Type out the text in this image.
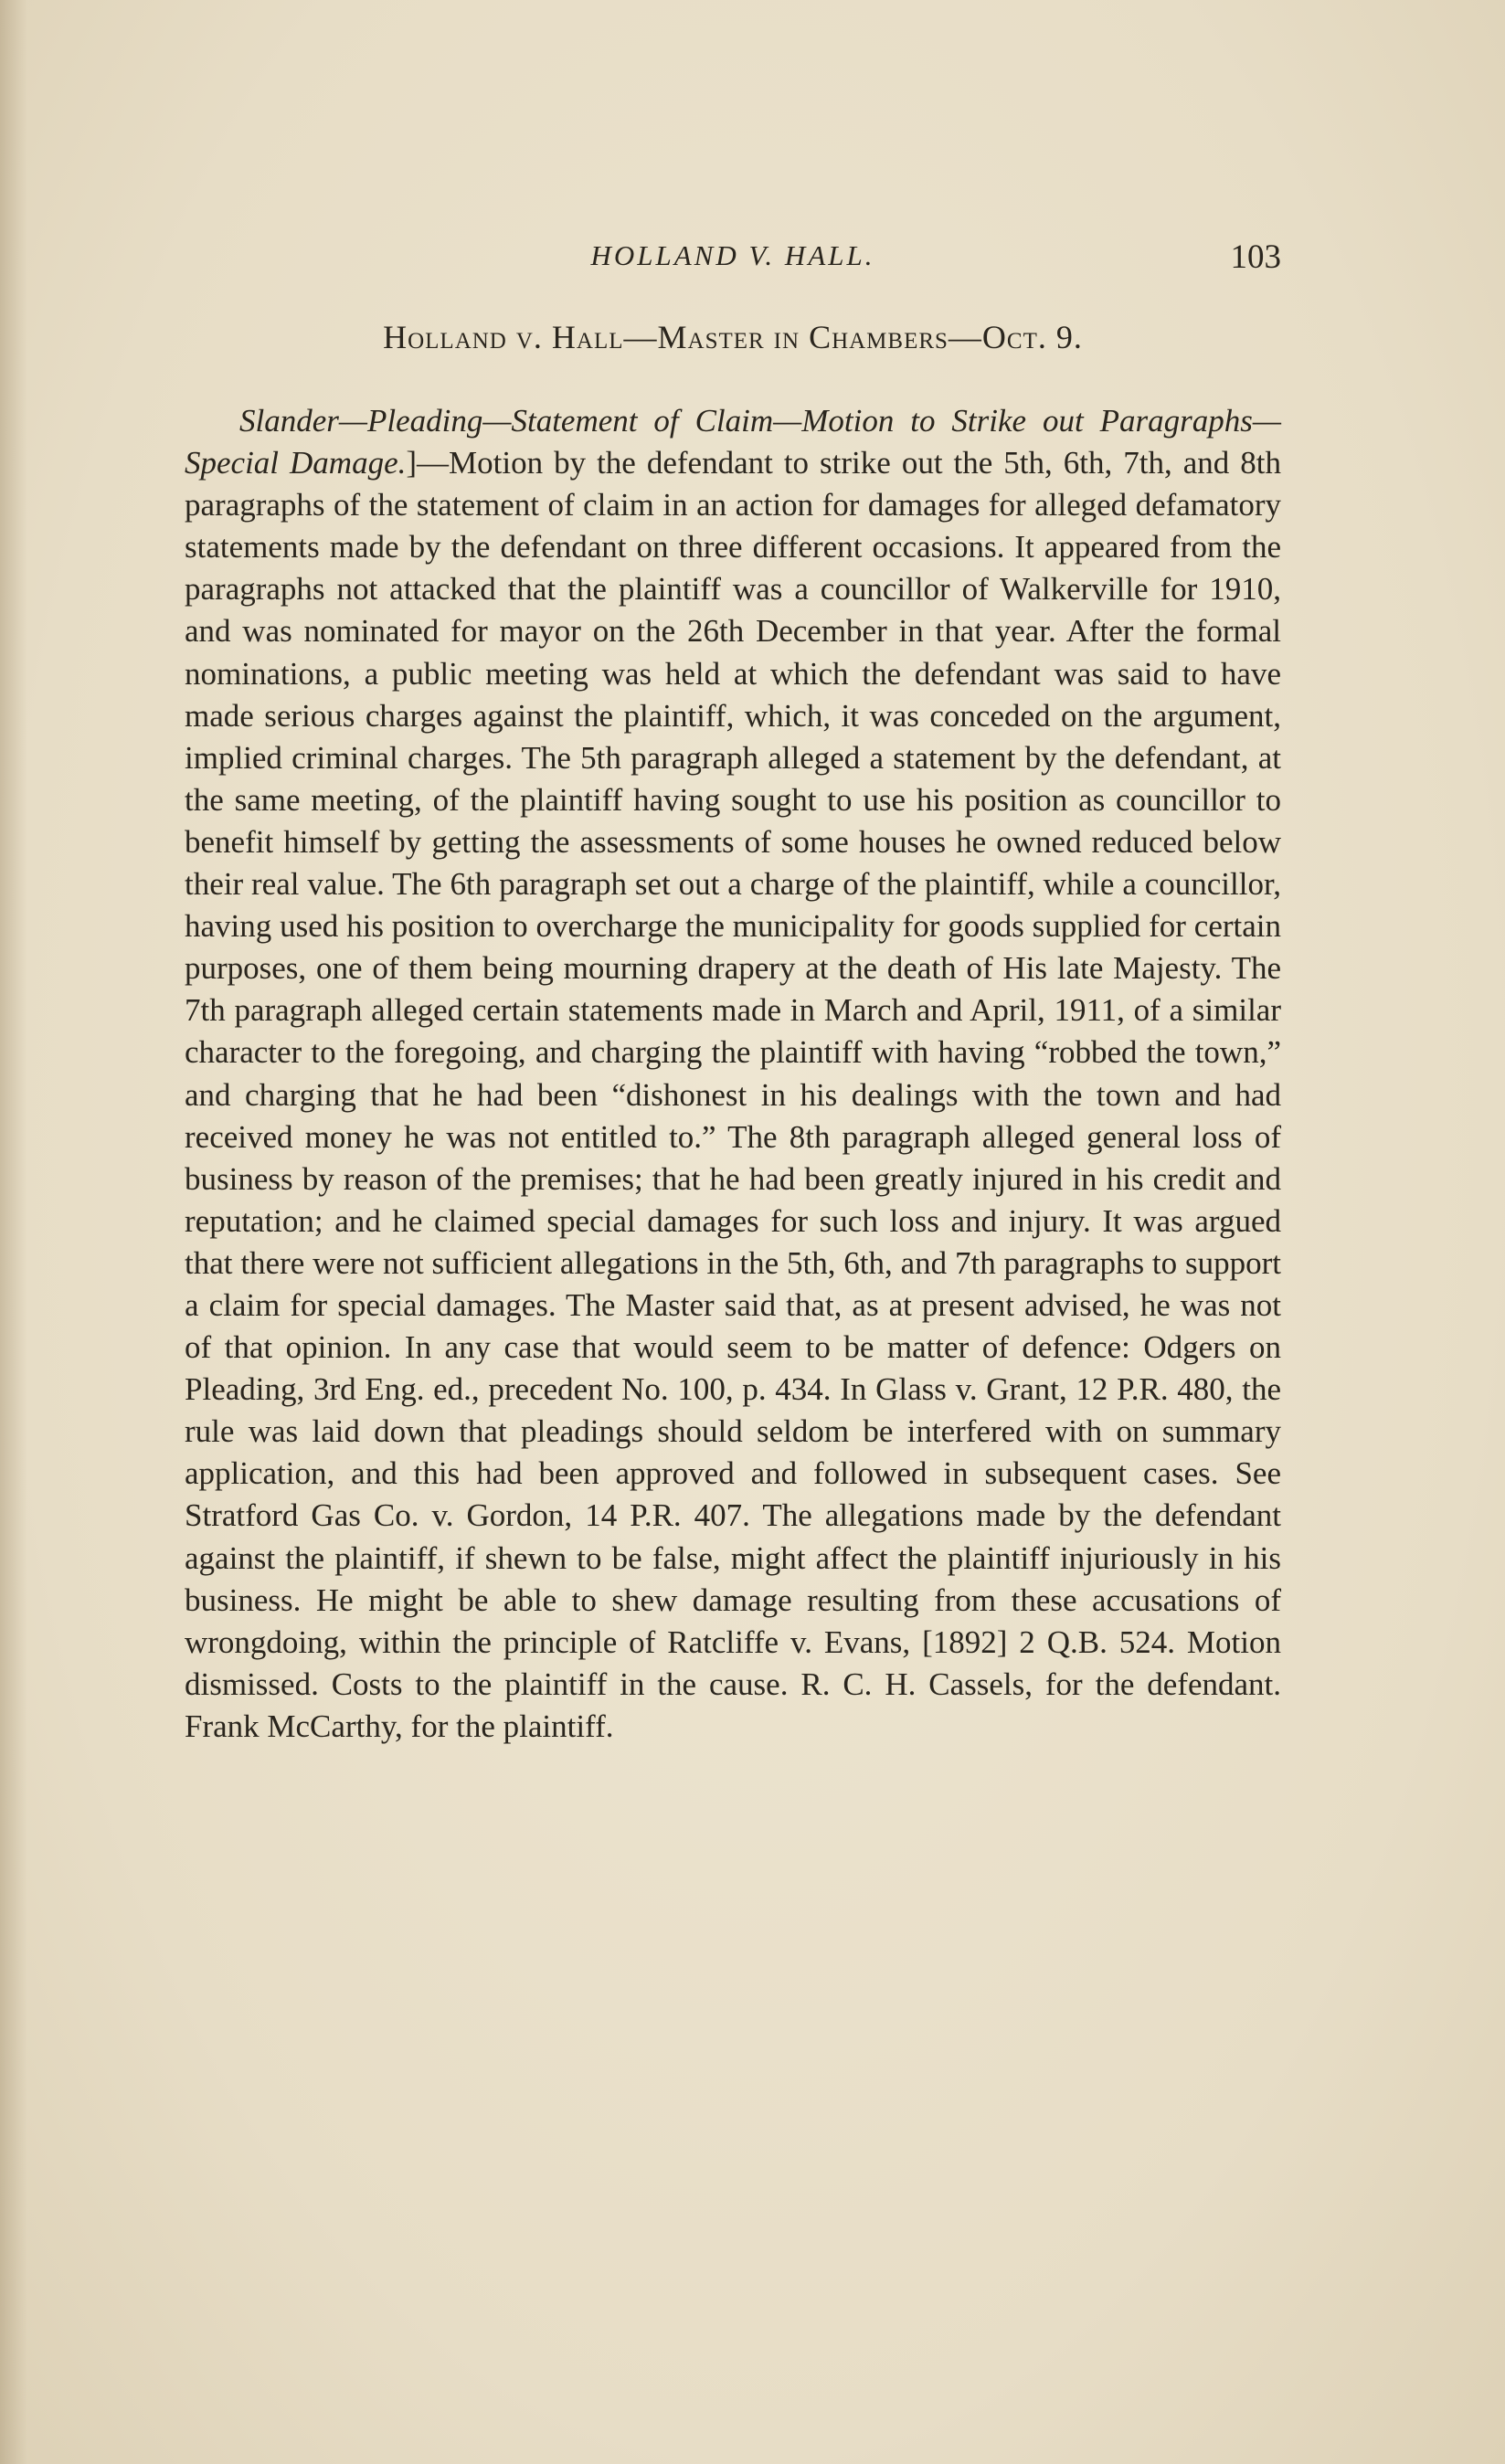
HOLLAND V. HALL.	103
Holland v. Hall—Master in Chambers—Oct. 9.

Slander—Pleading—Statement of Claim—Motion to Strike out Paragraphs—Special Damage.]—Motion by the defendant to strike out the 5th, 6th, 7th, and 8th paragraphs of the statement of claim in an action for damages for alleged defamatory statements made by the defendant on three different occasions. It appeared from the paragraphs not attacked that the plaintiff was a councillor of Walkerville for 1910, and was nominated for mayor on the 26th December in that year. After the formal nominations, a public meeting was held at which the defendant was said to have made serious charges against the plaintiff, which, it was conceded on the argument, implied criminal charges. The 5th paragraph alleged a statement by the defendant, at the same meeting, of the plaintiff having sought to use his position as councillor to benefit himself by getting the assessments of some houses he owned reduced below their real value. The 6th paragraph set out a charge of the plaintiff, while a councillor, having used his position to overcharge the municipality for goods supplied for certain purposes, one of them being mourning drapery at the death of His late Majesty. The 7th paragraph alleged certain statements made in March and April, 1911, of a similar character to the foregoing, and charging the plaintiff with having “robbed the town,” and charging that he had been “dishonest in his dealings with the town and had received money he was not entitled to.” The 8th paragraph alleged general loss of business by reason of the premises; that he had been greatly injured in his credit and reputation; and he claimed special damages for such loss and injury. It was argued that there were not sufficient allegations in the 5th, 6th, and 7th paragraphs to support a claim for special damages. The Master said that, as at present advised, he was not of that opinion. In any case that would seem to be matter of defence: Odgers on Pleading, 3rd Eng. ed., precedent No. 100, p. 434. In Glass v. Grant, 12 P.R. 480, the rule was laid down that pleadings should seldom be interfered with on summary application, and this had been approved and followed in subsequent cases. See Stratford Gas Co. v. Gordon, 14 P.R. 407. The allegations made by the defendant against the plaintiff, if shewn to be false, might affect the plaintiff injuriously in his business. He might be able to shew damage resulting from these accusations of wrongdoing, within the principle of Ratcliffe v. Evans, [1892] 2 Q.B. 524. Motion dismissed. Costs to the plaintiff in the cause. R. C. H. Cassels, for the defendant. Frank McCarthy, for the plaintiff.
